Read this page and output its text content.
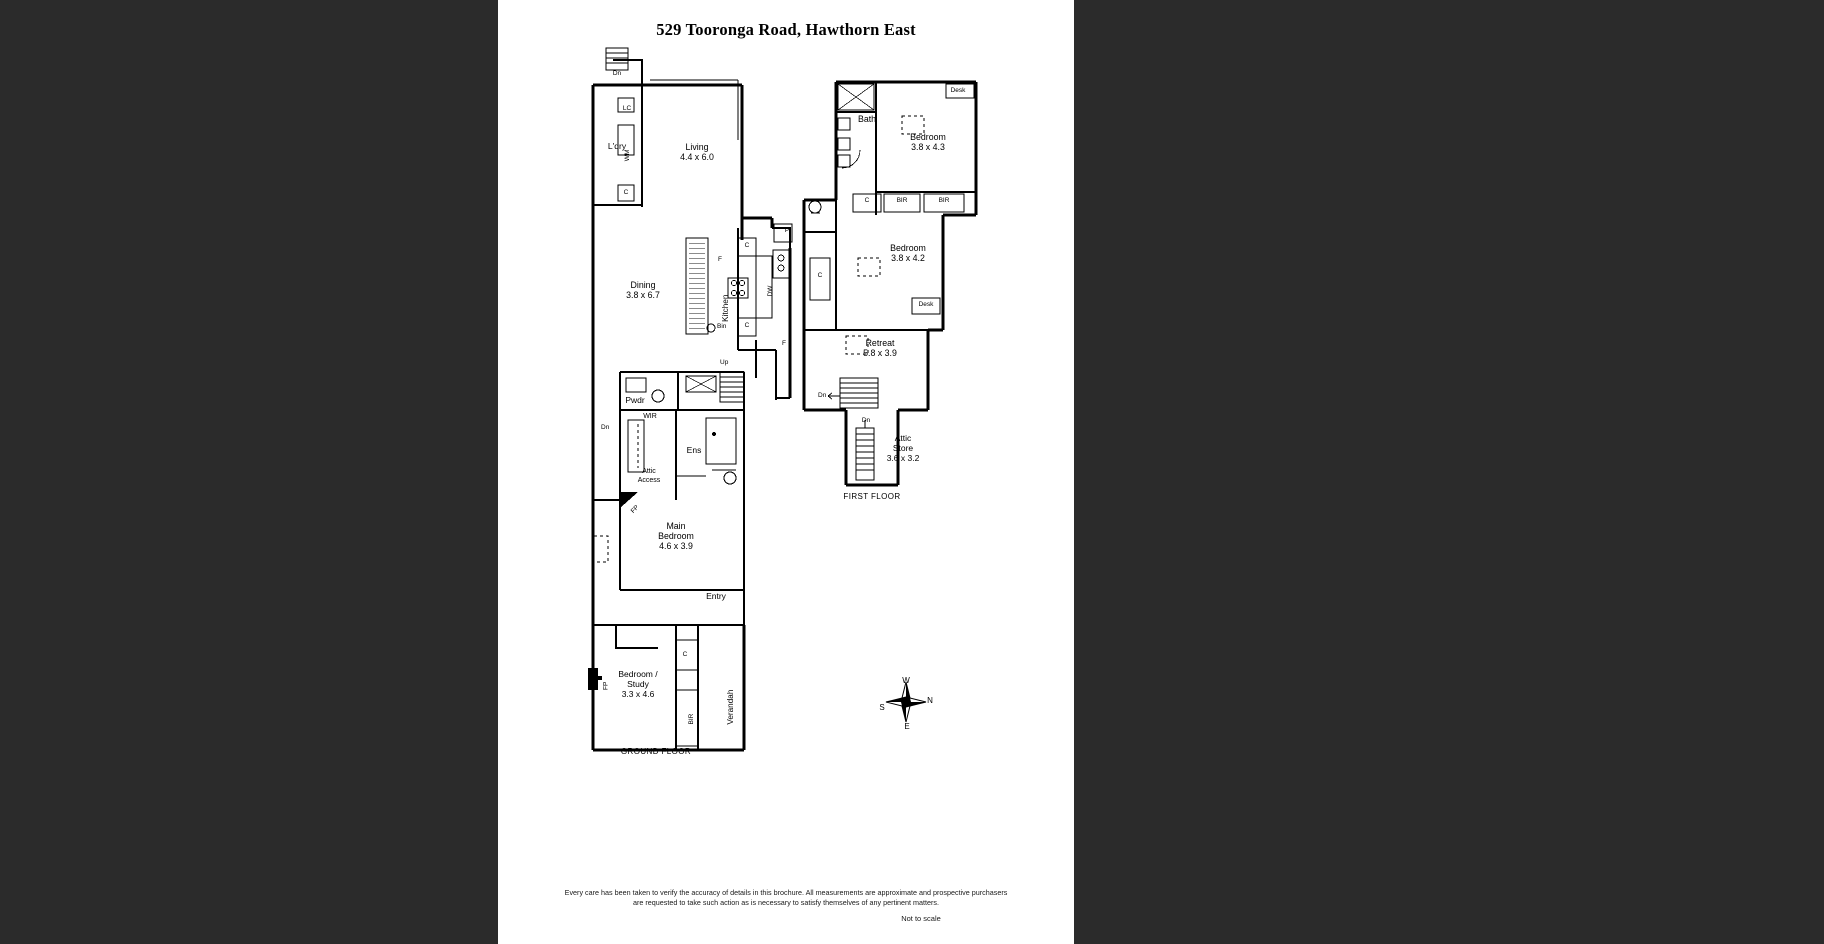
529 Tooronga Road, Hawthorn East
Dn
LC
WM
C
L'dry	Living
4.4 x 6.0
Dining
3.8 x 6.7	Kitchen
F
C
P
DW
C
Bin
F
Up
Pwdr
WIR
Ens
Attic
Access
Dn
FP
Main
Bedroom
4.6 x 3.9
Entry
Verandah
C
BIR
FP
Bedroom /
Study
3.3 x 4.6
GROUND FLOOR
Bath
Bedroom
3.8 x 4.3
Desk
C	BIR	BIR
C
Bedroom
3.8 x 4.2
Desk
Retreat
5.8 x 3.9
Dn
Attic
Store
3.6 x 3.2
Dn
FIRST FLOOR
W
N
S
E
Every care has been taken to verify the accuracy of details in this brochure. All measurements are approximate and prospective purchasers
are requested to take such action as is necessary to satisfy themselves of any pertinent matters.
Not to scale
